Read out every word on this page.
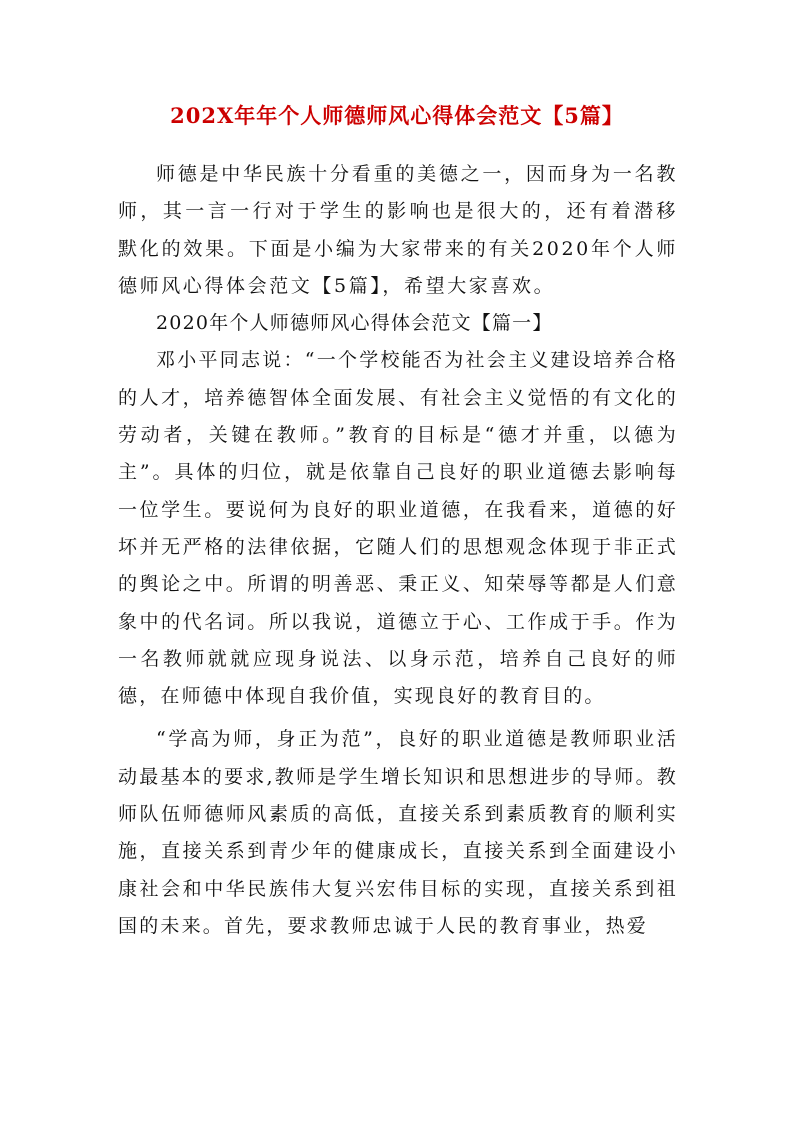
202X年年个人师德师风心得体会范文【5篇】

师德是中华民族十分看重的美德之一，因而身为一名教师，其一言一行对于学生的影响也是很大的，还有着潜移默化的效果。下面是小编为大家带来的有关2020年个人师德师风心得体会范文【5篇】，希望大家喜欢。

2020年个人师德师风心得体会范文【篇一】

邓小平同志说：“一个学校能否为社会主义建设培养合格的人才，培养德智体全面发展、有社会主义觉悟的有文化的劳动者，关键在教师。”教育的目标是“德才并重，以德为主”。具体的归位，就是依靠自己良好的职业道德去影响每一位学生。要说何为良好的职业道德，在我看来，道德的好坏并无严格的法律依据，它随人们的思想观念体现于非正式的舆论之中。所谓的明善恶、秉正义、知荣辱等都是人们意象中的代名词。所以我说，道德立于心、工作成于手。作为一名教师就就应现身说法、以身示范，培养自己良好的师德，在师德中体现自我价值，实现良好的教育目的。

“学高为师，身正为范”，良好的职业道德是教师职业活动最基本的要求,教师是学生增长知识和思想进步的导师。教师队伍师德师风素质的高低，直接关系到素质教育的顺利实施，直接关系到青少年的健康成长，直接关系到全面建设小康社会和中华民族伟大复兴宏伟目标的实现，直接关系到祖国的未来。首先，要求教师忠诚于人民的教育事业，热爱
